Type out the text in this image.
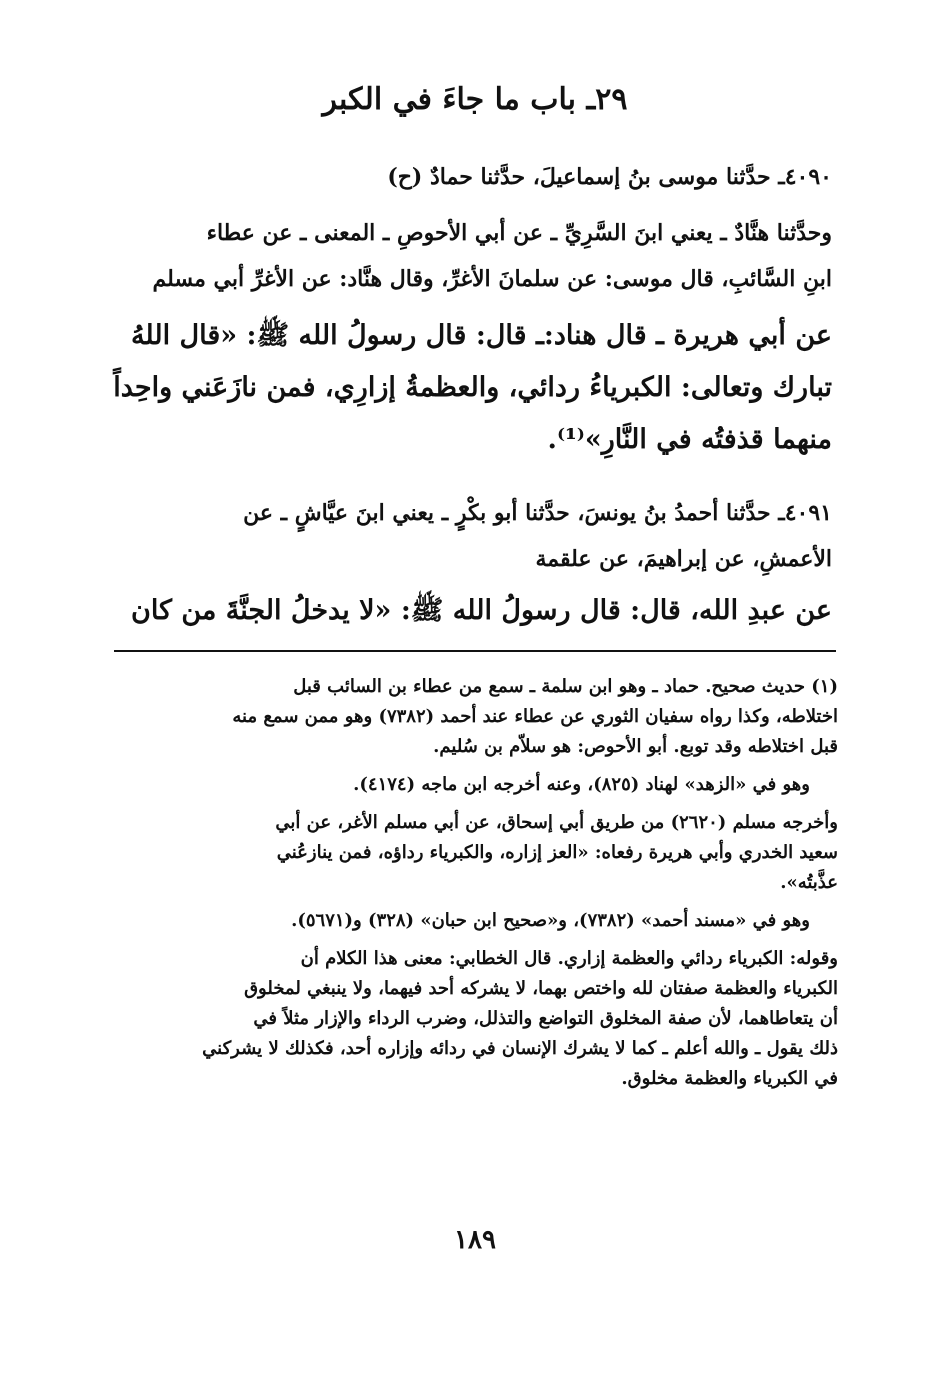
٢٩ـ باب ما جاءَ في الكبر
٤٠٩٠ـ حدَّثنا موسى بنُ إسماعيلَ، حدَّثنا حمادٌ (ح)
وحدَّثنا هنَّادٌ ـ يعني ابنَ السَّرِيِّ ـ عن أبي الأحوصِ ـ المعنى ـ عن عطاء
ابنِ السَّائبِ، قال موسى: عن سلمانَ الأغرِّ، وقال هنَّاد: عن الأغرِّ أبي مسلم
عن أبي هريرة ـ قال هناد:ـ قال: قال رسولُ الله ﷺ: «قال اللهُ
تبارك وتعالى: الكبرياءُ ردائي، والعظمةُ إزارِي، فمن نازَعَني واحِداً
منهما قذفتُه في النَّارِ»⁽¹⁾.
٤٠٩١ـ حدَّثنا أحمدُ بنُ يونسَ، حدَّثنا أبو بكْرٍ ـ يعني ابنَ عيَّاشٍ ـ عن
الأعمشِ، عن إبراهيمَ، عن علقمة
عن عبدِ الله، قال: قال رسولُ الله ﷺ: «لا يدخلُ الجنَّةَ من كان

(١) حديث صحيح. حماد ـ وهو ابن سلمة ـ سمع من عطاء بن السائب قبل
اختلاطه، وكذا رواه سفيان الثوري عن عطاء عند أحمد (٧٣٨٢) وهو ممن سمع منه
قبل اختلاطه وقد توبع. أبو الأحوص: هو سلاّم بن سُليم.

وهو في «الزهد» لهناد (٨٢٥)، وعنه أخرجه ابن ماجه (٤١٧٤).

وأخرجه مسلم (٢٦٢٠) من طريق أبي إسحاق، عن أبي مسلم الأغر، عن أبي
سعيد الخدري وأبي هريرة رفعاه: «العز إزاره، والكبرياء رداؤه، فمن ينازعُني
عذَّبتُه».

وهو في «مسند أحمد» (٧٣٨٢)، و«صحيح ابن حبان» (٣٢٨) و(٥٦٧١).

وقوله: الكبرياء ردائي والعظمة إزاري. قال الخطابي: معنى هذا الكلام أن
الكبرياء والعظمة صفتان لله واختص بهما، لا يشركه أحد فيهما، ولا ينبغي لمخلوق
أن يتعاطاهما، لأن صفة المخلوق التواضع والتذلل، وضرب الرداء والإزار مثلاً في
ذلك يقول ـ والله أعلم ـ كما لا يشرك الإنسان في ردائه وإزاره أحد، فكذلك لا يشركني
في الكبرياء والعظمة مخلوق.

١٨٩
